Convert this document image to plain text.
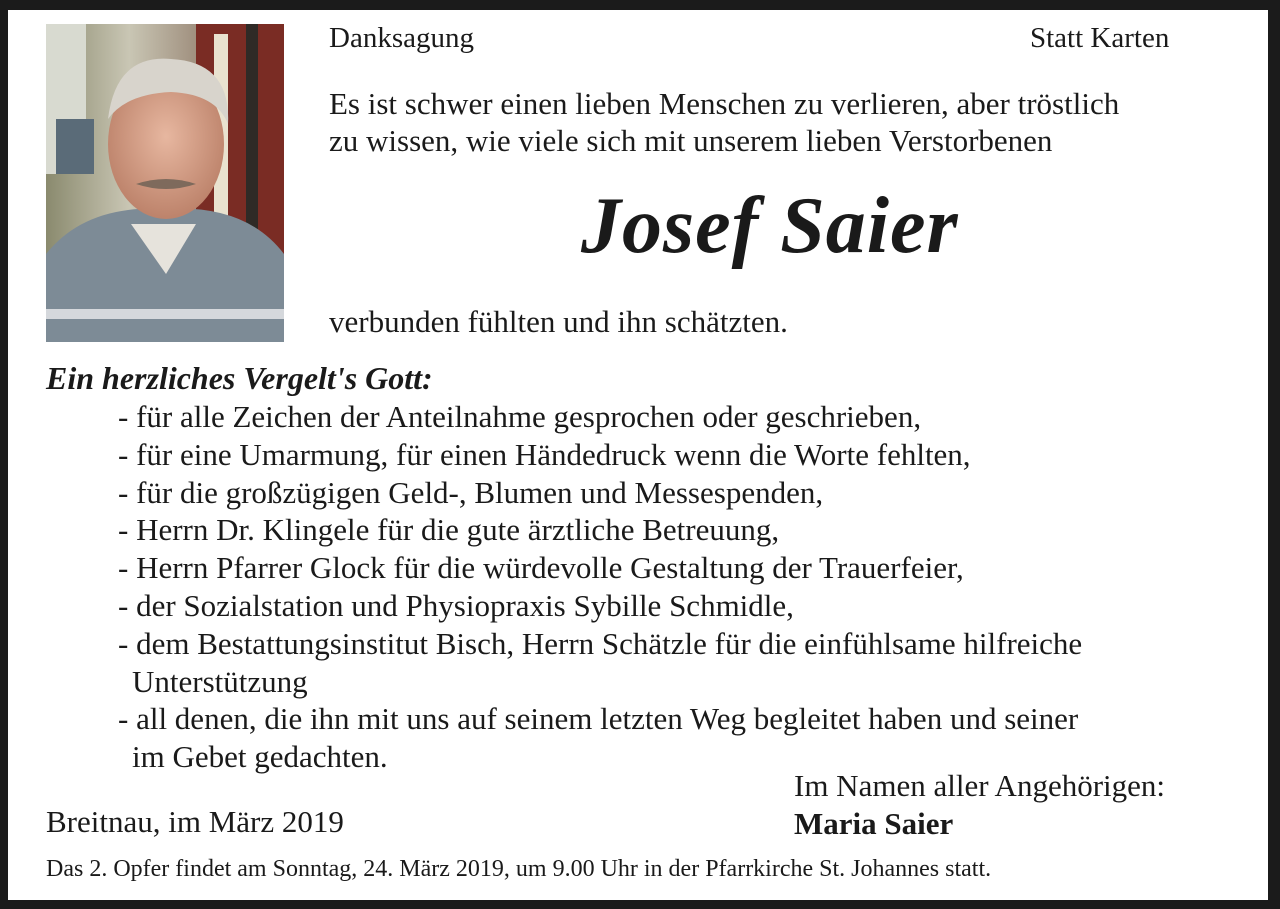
Danksagung	Statt Karten
Es ist schwer einen lieben Menschen zu verlieren, aber tröstlich
zu wissen, wie viele sich mit unserem lieben Verstorbenen
Josef Saier
verbunden fühlten und ihn schätzten.
Ein herzliches Vergelt's Gott:
- für alle Zeichen der Anteilnahme gesprochen oder geschrieben,
- für eine Umarmung, für einen Händedruck wenn die Worte fehlten,
- für die großzügigen Geld-, Blumen und Messespenden,
- Herrn Dr. Klingele für die gute ärztliche Betreuung,
- Herrn Pfarrer Glock für die würdevolle Gestaltung der Trauerfeier,
- der Sozialstation und Physiopraxis Sybille Schmidle,
- dem Bestattungsinstitut Bisch, Herrn Schätzle für die einfühlsame hilfreiche
Unterstützung
- all denen, die ihn mit uns auf seinem letzten Weg begleitet haben und seiner
im Gebet gedachten.
Breitnau, im März 2019
Im Namen aller Angehörigen:
Maria Saier
Das 2. Opfer findet am Sonntag, 24. März 2019, um 9.00 Uhr in der Pfarrkirche St. Johannes statt.
